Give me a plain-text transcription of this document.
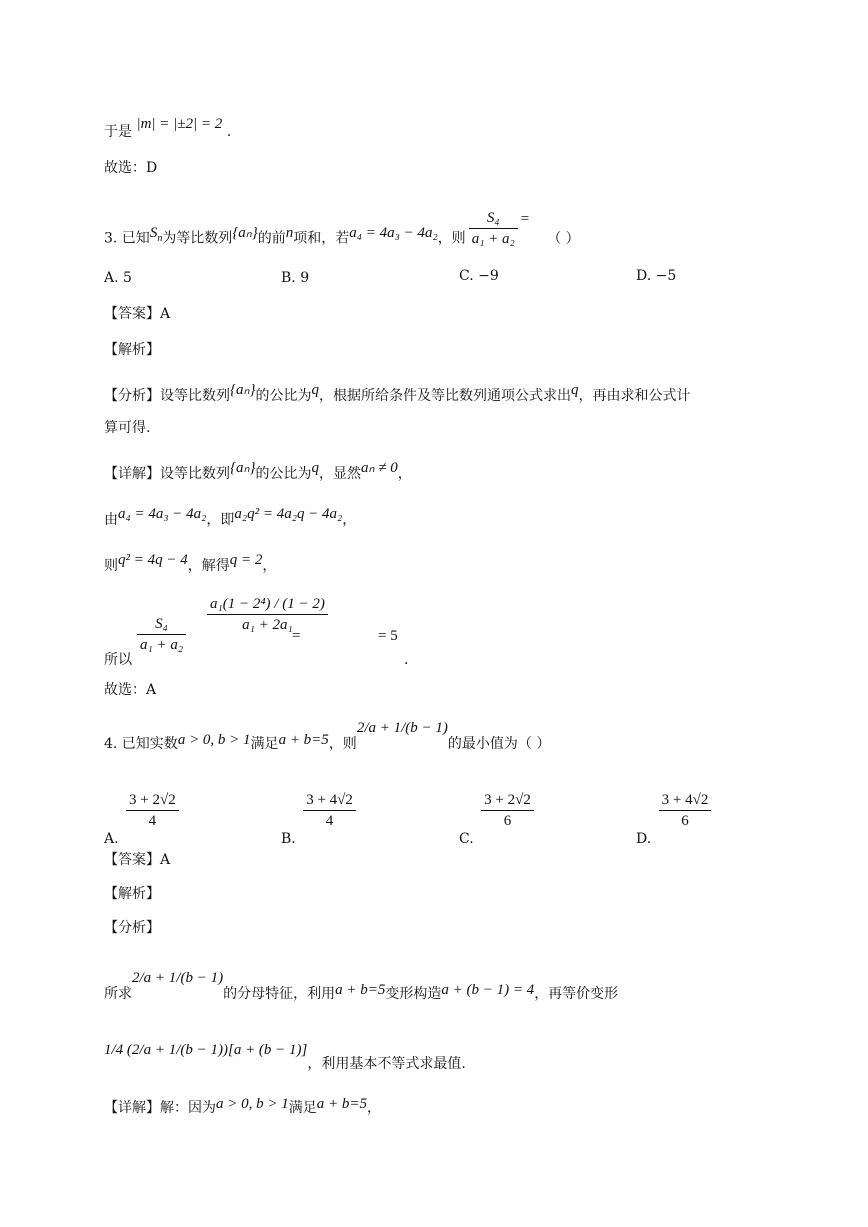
于是 |m| = |±2| = 2 .
故选：D
3. 已知$S_n$为等比数列{aₙ}的前n项和，若a₄ = 4a₃ − 4a₂，则 $\frac{\text{S₄}}{\text{a₁ + a₂}}$ =（ ）
A. 5	B. 9	C. −9	D. −5
【答案】A
【解析】
【分析】设等比数列{aₙ}的公比为q，根据所给条件及等比数列通项公式求出q，再由求和公式计
算可得.
【详解】设等比数列{aₙ}的公比为q，显然aₙ ≠ 0，
由a₄ = 4a₃ − 4a₂，即a₂q² = 4a₂q − 4a₂，
则q² = 4q − 4，解得q = 2，
所以
$\frac{\text{S₄}}{\text{a₁ + a₂}}$	=
$\frac{\text{a₁(1 − 2⁴) / (1 − 2)}}{\text{a₁ + 2a₁}}$
= 5
.
故选：A
4. 已知实数a > 0, b > 1满足a + b=5，则2/a + 1/(b − 1)的最小值为（ ）
A.
$\frac{3 + 2√2}{4}$
B.
$\frac{3 + 4√2}{4}$
C.
$\frac{3 + 2√2}{6}$
D.
$\frac{3 + 4√2}{6}$
【答案】A
【解析】
【分析】
所求2/a + 1/(b − 1)的分母特征，利用a + b=5变形构造a + (b − 1) = 4，再等价变形
1/4 (2/a + 1/(b − 1))[a + (b − 1)]，利用基本不等式求最值.
【详解】解：因为a > 0, b > 1满足a + b=5，
